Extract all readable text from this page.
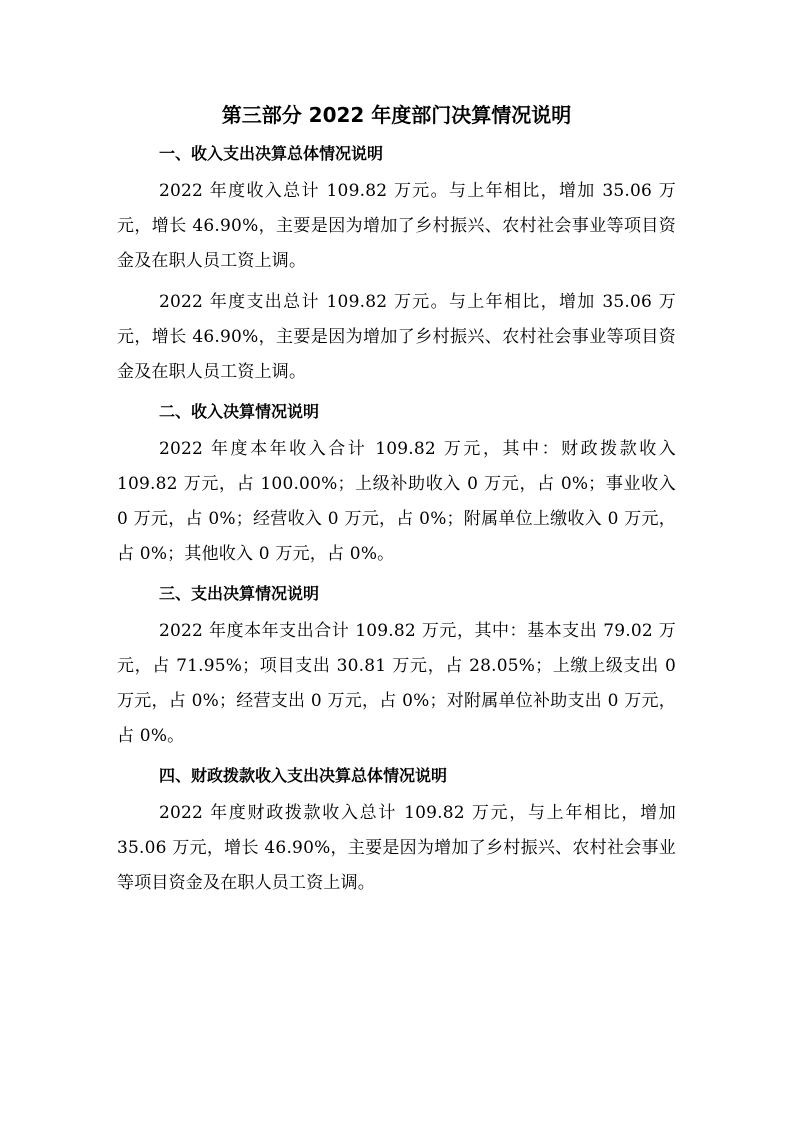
第三部分 2022 年度部门决算情况说明
一、收入支出决算总体情况说明

2022 年度收入总计 109.82 万元。与上年相比，增加 35.06 万元，增长 46.90%，主要是因为增加了乡村振兴、农村社会事业等项目资金及在职人员工资上调。

2022 年度支出总计 109.82 万元。与上年相比，增加 35.06 万元，增长 46.90%，主要是因为增加了乡村振兴、农村社会事业等项目资金及在职人员工资上调。

二、收入决算情况说明

2022 年度本年收入合计 109.82 万元，其中：财政拨款收入 109.82 万元，占 100.00%；上级补助收入 0 万元，占 0%；事业收入 0 万元，占 0%；经营收入 0 万元，占 0%；附属单位上缴收入 0 万元，占 0%；其他收入 0 万元，占 0%。

三、支出决算情况说明

2022 年度本年支出合计 109.82 万元，其中：基本支出 79.02 万元，占 71.95%；项目支出 30.81 万元，占 28.05%；上缴上级支出 0 万元，占 0%；经营支出 0 万元，占 0%；对附属单位补助支出 0 万元，占 0%。

四、财政拨款收入支出决算总体情况说明

2022 年度财政拨款收入总计 109.82 万元，与上年相比，增加 35.06 万元，增长 46.90%，主要是因为增加了乡村振兴、农村社会事业等项目资金及在职人员工资上调。
